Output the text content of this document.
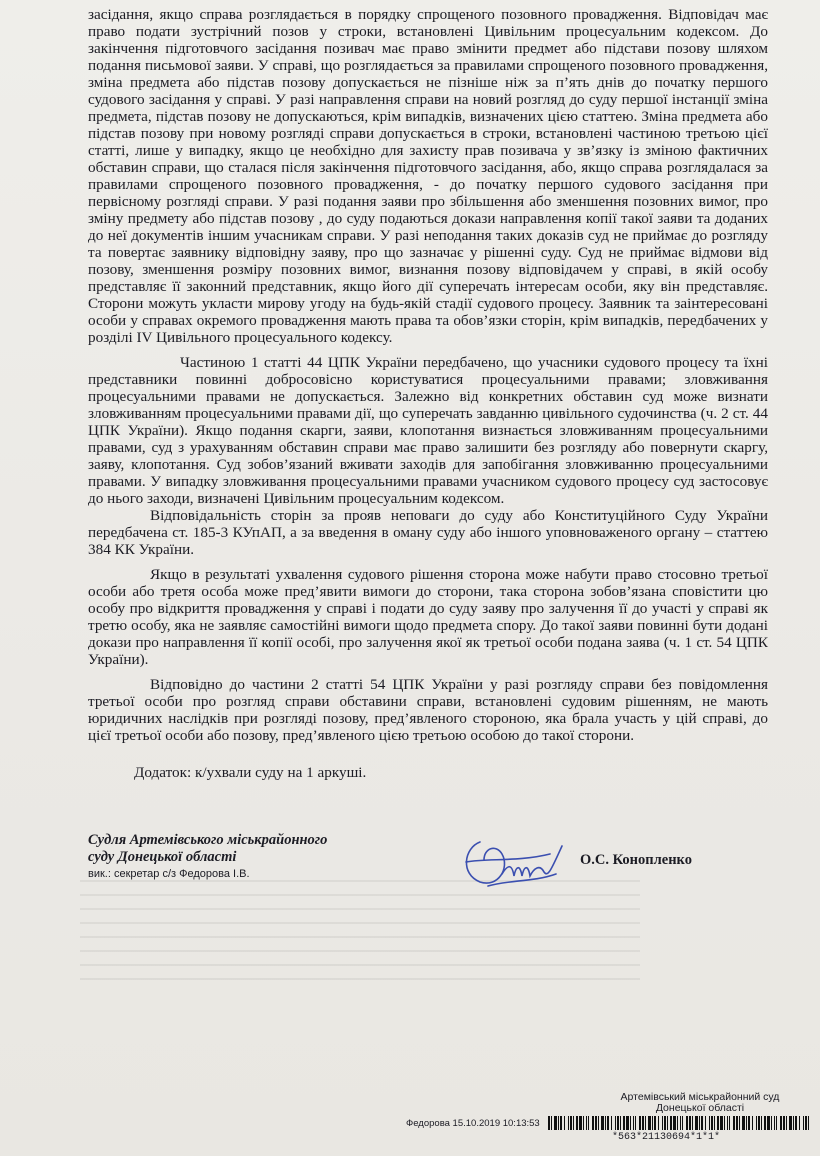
засідання, якщо справа розглядається в порядку спрощеного позовного провадження. Відповідач має право подати зустрічний позов у строки, встановлені Цивільним процесуальним кодексом. До закінчення підготовчого засідання позивач має право змінити предмет або підстави позову шляхом подання письмової заяви. У справі, що розглядається за правилами спрощеного позовного провадження, зміна предмета або підстав позову допускається не пізніше ніж за п’ять днів до початку першого судового засідання у справі. У разі направлення справи на новий розгляд до суду першої інстанції зміна предмета, підстав позову не допускаються, крім випадків, визначених цією статтею. Зміна предмета або підстав позову при новому розгляді справи допускається в строки, встановлені частиною третьою цієї статті, лише у випадку, якщо це необхідно для захисту прав позивача у зв’язку із зміною фактичних обставин справи, що сталася після закінчення підготовчого засідання, або, якщо справа розглядалася за правилами спрощеного позовного провадження, - до початку першого судового засідання при первісному розгляді справи. У разі подання заяви про збільшення або зменшення позовних вимог, про зміну предмету або підстав позову , до суду подаються докази направлення копії такої заяви та доданих до неї документів іншим учасникам справи. У разі неподання таких доказів суд не приймає до розгляду та повертає заявнику відповідну заяву, про що зазначає у рішенні суду. Суд не приймає відмови від позову, зменшення розміру позовних вимог, визнання позову відповідачем у справі, в якій особу представляє її законний представник, якщо його дії суперечать інтересам особи, яку він представляє. Сторони можуть укласти мирову угоду на будь-якій стадії судового процесу. Заявник та заінтересовані особи у справах окремого провадження мають права та обов’язки сторін, крім випадків, передбачених у розділі IV Цивільного процесуального кодексу.

Частиною 1 статті 44 ЦПК України передбачено, що учасники судового процесу та їхні представники повинні добросовісно користуватися процесуальними правами; зловживання процесуальними правами не допускається. Залежно від конкретних обставин суд може визнати зловживанням процесуальними правами дії, що суперечать завданню цивільного судочинства (ч. 2 ст. 44 ЦПК України). Якщо подання скарги, заяви, клопотання визнається зловживанням процесуальними правами, суд з урахуванням обставин справи має право залишити без розгляду або повернути скаргу, заяву, клопотання. Суд зобов’язаний вживати заходів для запобігання зловживанню процесуальними правами. У випадку зловживання процесуальними правами учасником судового процесу суд застосовує до нього заходи, визначені Цивільним процесуальним кодексом.

Відповідальність сторін за прояв неповаги до суду або Конституційного Суду України передбачена ст. 185-3 КУпАП, а за введення в оману суду або іншого уповноваженого органу – статтею 384 КК України.

Якщо в результаті ухвалення судового рішення сторона може набути право стосовно третьої особи або третя особа може пред’явити вимоги до сторони, така сторона зобов’язана сповістити цю особу про відкриття провадження у справі і подати до суду заяву про залучення її до участі у справі як третю особу, яка не заявляє самостійні вимоги щодо предмета спору. До такої заяви повинні бути додані докази про направлення її копії особі, про залучення якої як третьої особи подана заява (ч. 1 ст. 54 ЦПК України).

Відповідно до частини 2 статті 54 ЦПК України у разі розгляду справи без повідомлення третьої особи про розгляд справи обставини справи, встановлені судовим рішенням, не мають юридичних наслідків при розгляді позову, пред’явленого стороною, яка брала участь у цій справі, до цієї третьої особи або позову, пред’явленого цією третьою особою до такої сторони.

Додаток: к/ухвали суду на 1 аркуші.

Судля Артемівського міськрайонного
суду Донецької області
вик.: секретар с/з Федорова І.В.
О.С. Конопленко
Артемівський міськрайонний суд
Донецької області
Федорова 15.10.2019 10:13:53
*563*21130694*1*1*
